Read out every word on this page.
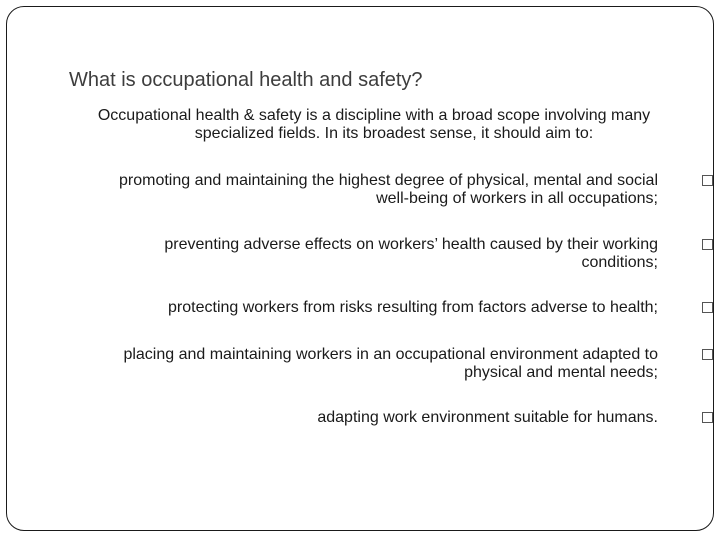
What is occupational health and safety?
Occupational health & safety is a discipline with a broad scope involving many
specialized fields. In its broadest sense, it should aim to:
promoting and maintaining the highest degree of physical, mental and social
well-being of workers in all occupations;
preventing adverse effects on workers’ health caused by their working
conditions;
protecting workers from risks resulting from factors adverse to health;
placing and maintaining workers in an occupational environment adapted to
physical and mental needs;
adapting work environment suitable for humans.
